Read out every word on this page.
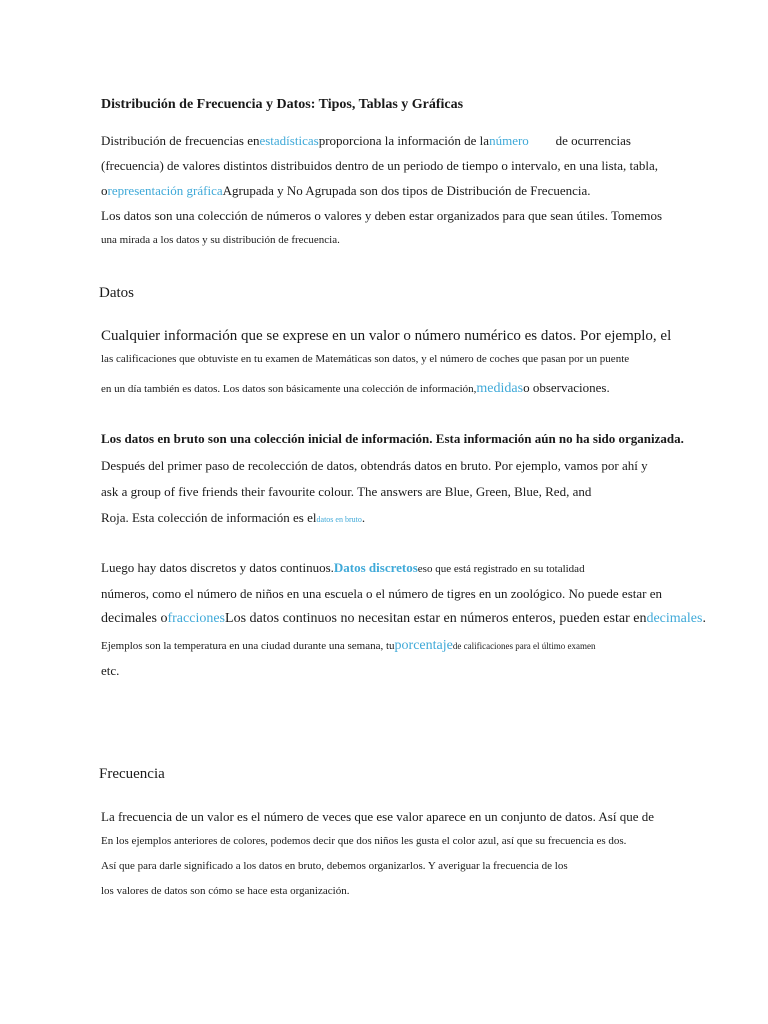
Distribución de Frecuencia y Datos: Tipos, Tablas y Gráficas
Distribución de frecuencias enestadísticasproporciona la información de lanúmero de ocurrencias
(frecuencia) de valores distintos distribuidos dentro de un periodo de tiempo o intervalo, en una lista, tabla,
orepresentación gráficaAgrupada y No Agrupada son dos tipos de Distribución de Frecuencia.
Los datos son una colección de números o valores y deben estar organizados para que sean útiles. Tomemos
una mirada a los datos y su distribución de frecuencia.
Datos
Cualquier información que se exprese en un valor o número numérico es datos. Por ejemplo, el
las calificaciones que obtuviste en tu examen de Matemáticas son datos, y el número de coches que pasan por un puente
en un día también es datos. Los datos son básicamente una colección de información,medidaso observaciones.
Los datos en bruto son una colección inicial de información. Esta información aún no ha sido organizada.
Después del primer paso de recolección de datos, obtendrás datos en bruto. Por ejemplo, vamos por ahí y
ask a group of five friends their favourite colour. The answers are Blue, Green, Blue, Red, and
Roja. Esta colección de información es eldatos en bruto.
Luego hay datos discretos y datos continuos.Datos discretoseso que está registrado en su totalidad
números, como el número de niños en una escuela o el número de tigres en un zoológico. No puede estar en
decimales ofraccionesLos datos continuos no necesitan estar en números enteros, pueden estar endecimales.
Ejemplos son la temperatura en una ciudad durante una semana, tuporcentajede calificaciones para el último examen
etc.
Frecuencia
La frecuencia de un valor es el número de veces que ese valor aparece en un conjunto de datos. Así que de
En los ejemplos anteriores de colores, podemos decir que dos niños les gusta el color azul, así que su frecuencia es dos.
Así que para darle significado a los datos en bruto, debemos organizarlos. Y averiguar la frecuencia de los
los valores de datos son cómo se hace esta organización.
